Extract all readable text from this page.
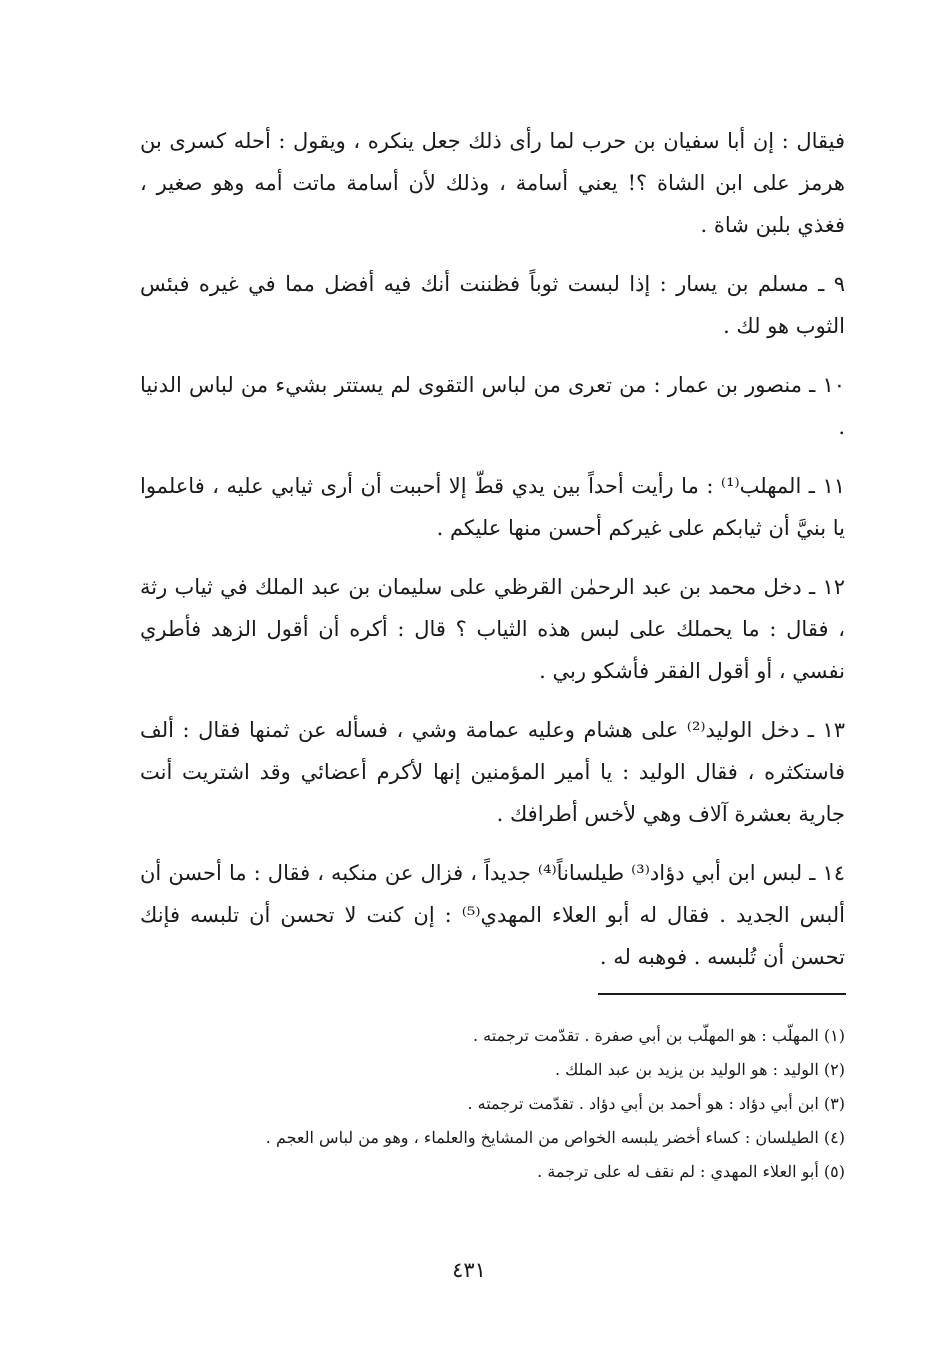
فيقال : إن أبا سفيان بن حرب لما رأى ذلك جعل ينكره ، ويقول : أحله كسرى بن هرمز على ابن الشاة ؟! يعني أسامة ، وذلك لأن أسامة ماتت أمه وهو صغير ، فغذي بلبن شاة .

٩ ـ مسلم بن يسار : إذا لبست ثوباً فظننت أنك فيه أفضل مما في غيره فبئس الثوب هو لك .

١٠ ـ منصور بن عمار : من تعرى من لباس التقوى لم يستتر بشيء من لباس الدنيا .

١١ ـ المهلب⁽¹⁾ : ما رأيت أحداً بين يدي قطّ إلا أحببت أن أرى ثيابي عليه ، فاعلموا يا بنيَّ أن ثيابكم على غيركم أحسن منها عليكم .

١٢ ـ دخل محمد بن عبد الرحمٰن القرظي على سليمان بن عبد الملك في ثياب رثة ، فقال : ما يحملك على لبس هذه الثياب ؟ قال : أكره أن أقول الزهد فأطري نفسي ، أو أقول الفقر فأشكو ربي .

١٣ ـ دخل الوليد⁽²⁾ على هشام وعليه عمامة وشي ، فسأله عن ثمنها فقال : ألف فاستكثره ، فقال الوليد : يا أمير المؤمنين إنها لأكرم أعضائي وقد اشتريت أنت جارية بعشرة آلاف وهي لأخس أطرافك .

١٤ ـ لبس ابن أبي دؤاد⁽³⁾ طيلساناً⁽⁴⁾ جديداً ، فزال عن منكبه ، فقال : ما أحسن أن ألبس الجديد . فقال له أبو العلاء المهدي⁽⁵⁾ : إن كنت لا تحسن أن تلبسه فإنك تحسن أن تُلبسه . فوهبه له .

(١) المهلّب : هو المهلّب بن أبي صفرة . تقدّمت ترجمته .

(٢) الوليد : هو الوليد بن يزيد بن عبد الملك .

(٣) ابن أبي دؤاد : هو أحمد بن أبي دؤاد . تقدّمت ترجمته .

(٤) الطيلسان : كساء أخضر يلبسه الخواص من المشايخ والعلماء ، وهو من لباس العجم .

(٥) أبو العلاء المهدي : لم نقف له على ترجمة .

٤٣١
